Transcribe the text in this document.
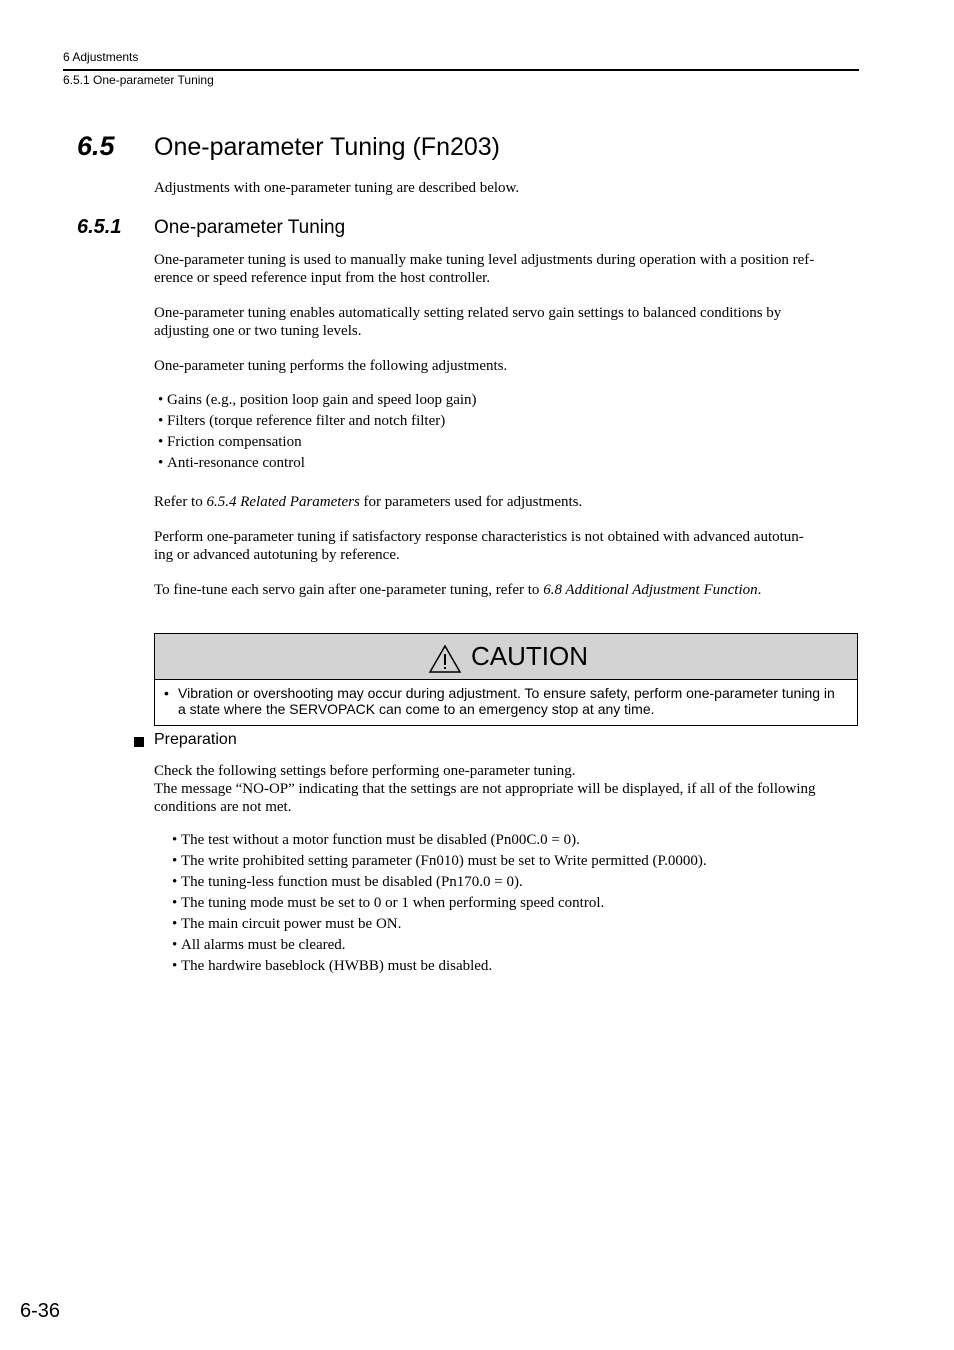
6 Adjustments
6.5.1 One-parameter Tuning
6.5 One-parameter Tuning (Fn203)

Adjustments with one-parameter tuning are described below.

6.5.1 One-parameter Tuning

One-parameter tuning is used to manually make tuning level adjustments during operation with a position ref-

erence or speed reference input from the host controller.

One-parameter tuning enables automatically setting related servo gain settings to balanced conditions by

adjusting one or two tuning levels.

One-parameter tuning performs the following adjustments.

• Gains (e.g., position loop gain and speed loop gain)
• Filters (torque reference filter and notch filter)
• Friction compensation
• Anti-resonance control

Refer to 6.5.4 Related Parameters for parameters used for adjustments.

Perform one-parameter tuning if satisfactory response characteristics is not obtained with advanced autotun-

ing or advanced autotuning by reference.

To fine-tune each servo gain after one-parameter tuning, refer to 6.8 Additional Adjustment Function.

CAUTION
• Vibration or overshooting may occur during adjustment. To ensure safety, perform one-parameter tuning in
a state where the SERVOPACK can come to an emergency stop at any time.
Preparation

Check the following settings before performing one-parameter tuning.

The message “NO-OP” indicating that the settings are not appropriate will be displayed, if all of the following

conditions are not met.

• The test without a motor function must be disabled (Pn00C.0 = 0).
• The write prohibited setting parameter (Fn010) must be set to Write permitted (P.0000).
• The tuning-less function must be disabled (Pn170.0 = 0).
• The tuning mode must be set to 0 or 1 when performing speed control.
• The main circuit power must be ON.
• All alarms must be cleared.
• The hardwire baseblock (HWBB) must be disabled.
6-36
